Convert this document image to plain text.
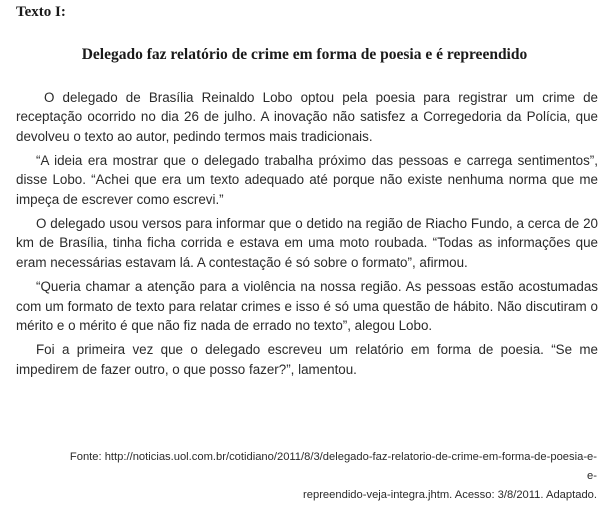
Texto I:
Delegado faz relatório de crime em forma de poesia e é repreendido

O delegado de Brasília Reinaldo Lobo optou pela poesia para registrar um crime de receptação ocorrido no dia 26 de julho. A inovação não satisfez a Corregedoria da Polícia, que devolveu o texto ao autor, pedindo termos mais tradicionais.

“A ideia era mostrar que o delegado trabalha próximo das pessoas e carrega sentimentos”, disse Lobo. “Achei que era um texto adequado até porque não existe nenhuma norma que me impeça de escrever como escrevi.”

O delegado usou versos para informar que o detido na região de Riacho Fundo, a cerca de 20 km de Brasília, tinha ficha corrida e estava em uma moto roubada. “Todas as informações que eram necessárias estavam lá. A contestação é só sobre o formato”, afirmou.

“Queria chamar a atenção para a violência na nossa região. As pessoas estão acostumadas com um formato de texto para relatar crimes e isso é só uma questão de hábito. Não discutiram o mérito e o mérito é que não fiz nada de errado no texto”, alegou Lobo.

Foi a primeira vez que o delegado escreveu um relatório em forma de poesia. “Se me impedirem de fazer outro, o que posso fazer?”, lamentou.

Fonte: http://noticias.uol.com.br/cotidiano/2011/8/3/delegado-faz-relatorio-de-crime-em-forma-de-poesia-e-e-
repreendido-veja-integra.jhtm. Acesso: 3/8/2011. Adaptado.
